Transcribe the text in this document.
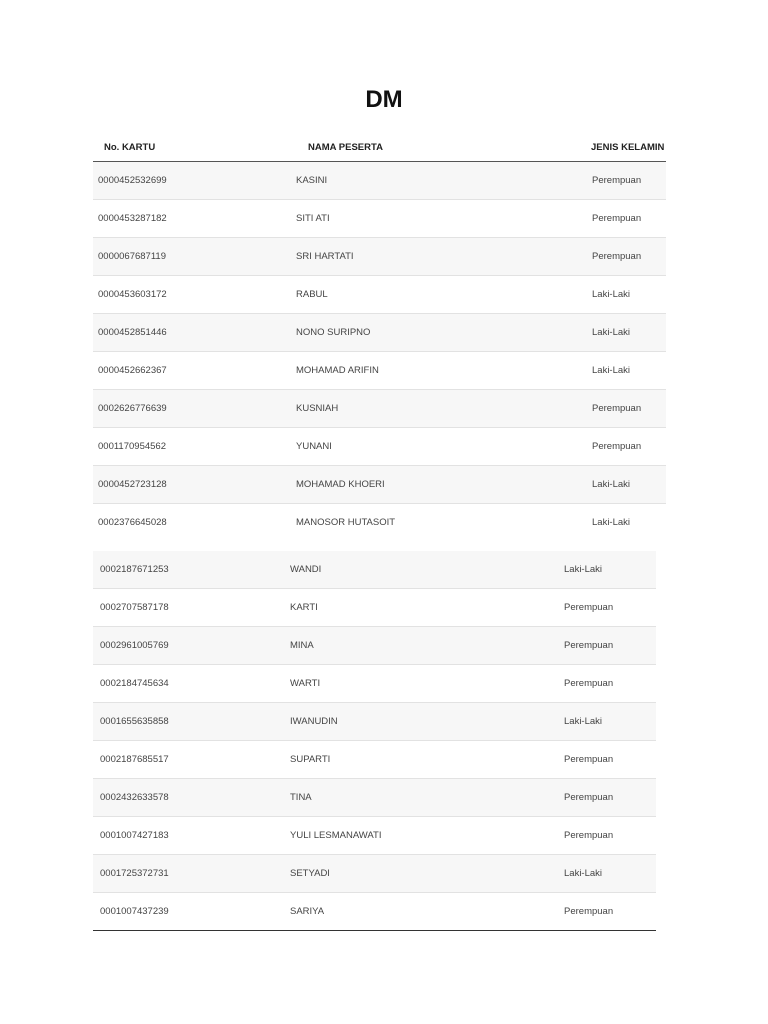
DM
No. KARTU	NAMA PESERTA	JENIS KELAMIN
0000452532699	KASINI	Perempuan
0000453287182	SITI ATI	Perempuan
0000067687119	SRI HARTATI	Perempuan
0000453603172	RABUL	Laki-Laki
0000452851446	NONO SURIPNO	Laki-Laki
0000452662367	MOHAMAD ARIFIN	Laki-Laki
0002626776639	KUSNIAH	Perempuan
0001170954562	YUNANI	Perempuan
0000452723128	MOHAMAD KHOERI	Laki-Laki
0002376645028	MANOSOR HUTASOIT	Laki-Laki
0002187671253	WANDI	Laki-Laki
0002707587178	KARTI	Perempuan
0002961005769	MINA	Perempuan
0002184745634	WARTI	Perempuan
0001655635858	IWANUDIN	Laki-Laki
0002187685517	SUPARTI	Perempuan
0002432633578	TINA	Perempuan
0001007427183	YULI LESMANAWATI	Perempuan
0001725372731	SETYADI	Laki-Laki
0001007437239	SARIYA	Perempuan
